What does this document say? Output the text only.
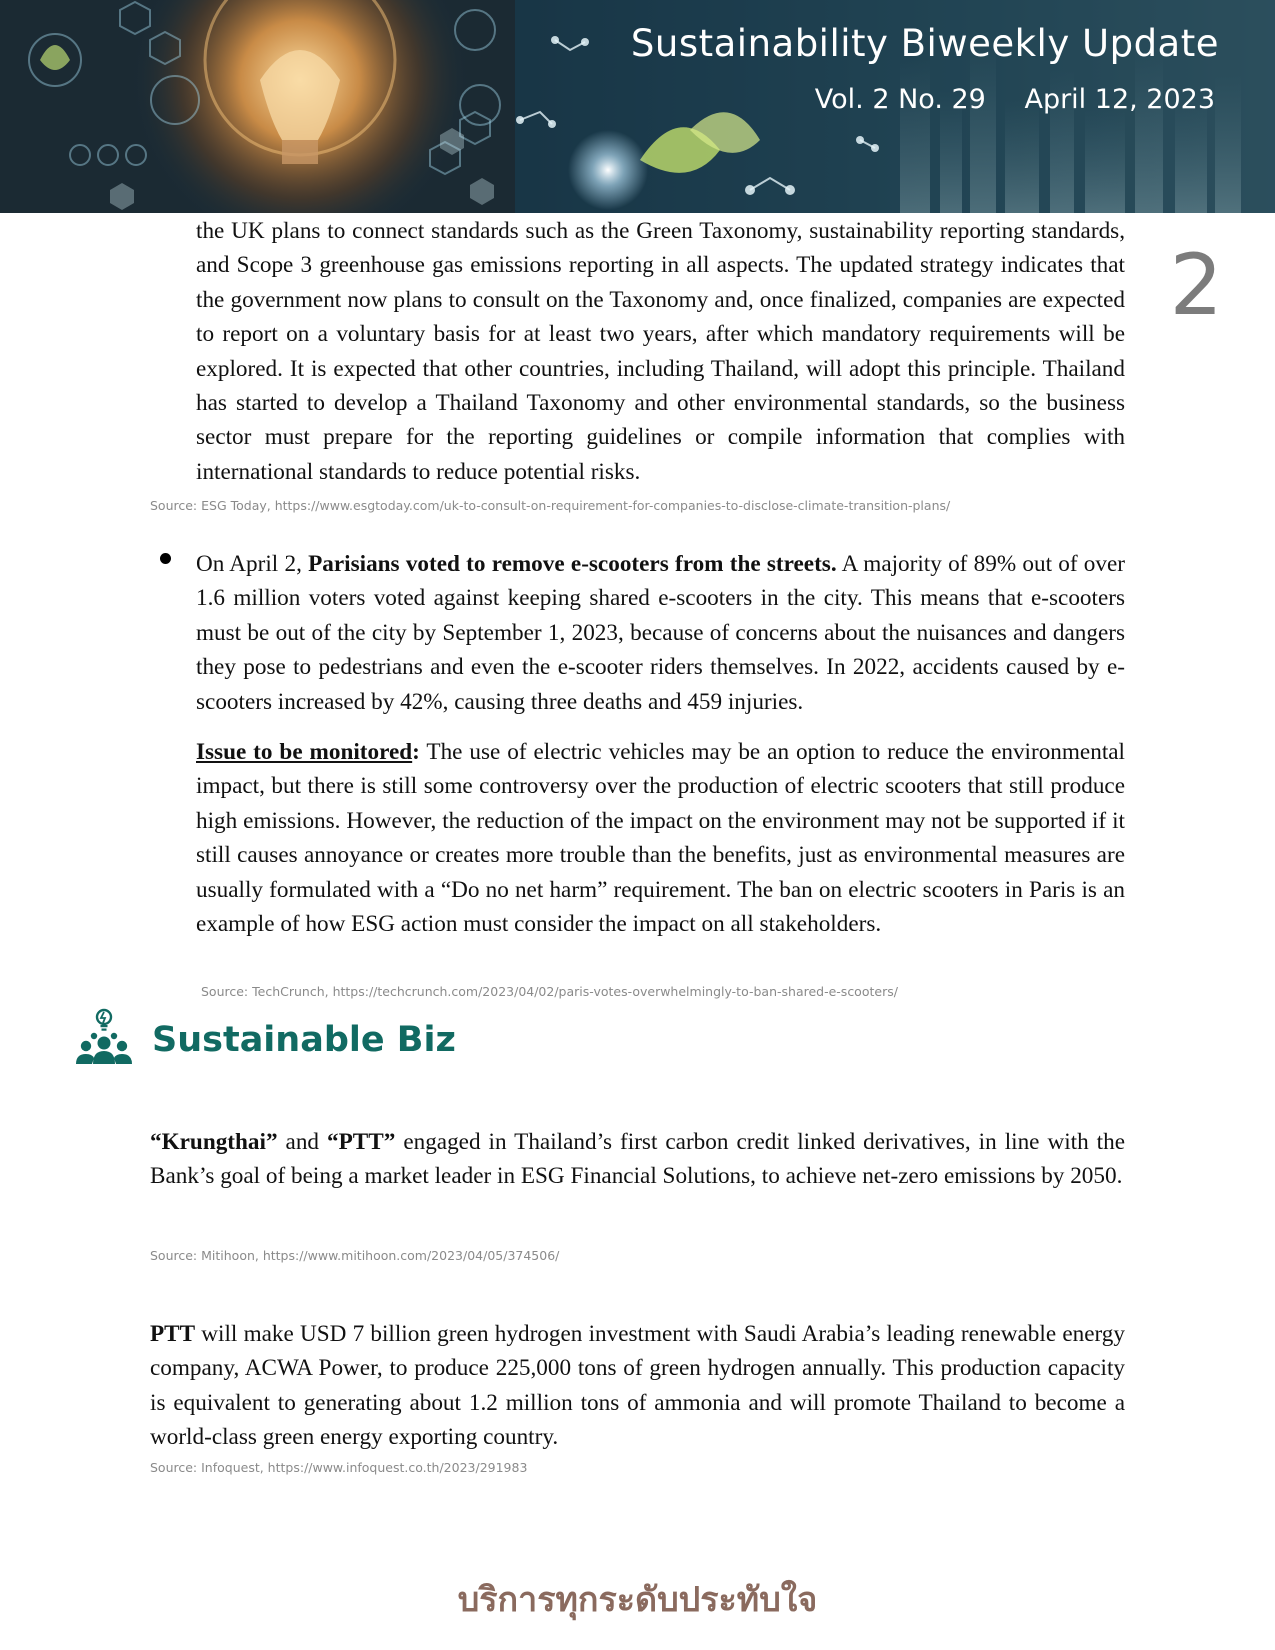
Sustainability Biweekly Update
Vol. 2 No. 29 April 12, 2023
2

the UK plans to connect standards such as the Green Taxonomy, sustainability reporting standards, and Scope 3 greenhouse gas emissions reporting in all aspects. The updated strategy indicates that the government now plans to consult on the Taxonomy and, once finalized, companies are expected to report on a voluntary basis for at least two years, after which mandatory requirements will be explored. It is expected that other countries, including Thailand, will adopt this principle. Thailand has started to develop a Thailand Taxonomy and other environmental standards, so the business sector must prepare for the reporting guidelines or compile information that complies with international standards to reduce potential risks.

Source: ESG Today, https://www.esgtoday.com/uk-to-consult-on-requirement-for-companies-to-disclose-climate-transition-plans/

On April 2, Parisians voted to remove e-scooters from the streets. A majority of 89% out of over 1.6 million voters voted against keeping shared e-scooters in the city. This means that e-scooters must be out of the city by September 1, 2023, because of concerns about the nuisances and dangers they pose to pedestrians and even the e-scooter riders themselves. In 2022, accidents caused by e-scooters increased by 42%, causing three deaths and 459 injuries.

Issue to be monitored: The use of electric vehicles may be an option to reduce the environmental impact, but there is still some controversy over the production of electric scooters that still produce high emissions. However, the reduction of the impact on the environment may not be supported if it still causes annoyance or creates more trouble than the benefits, just as environmental measures are usually formulated with a “Do no net harm” requirement. The ban on electric scooters in Paris is an example of how ESG action must consider the impact on all stakeholders.

Source: TechCrunch, https://techcrunch.com/2023/04/02/paris-votes-overwhelmingly-to-ban-shared-e-scooters/

Sustainable Biz

“Krungthai” and “PTT” engaged in Thailand’s first carbon credit linked derivatives, in line with the Bank’s goal of being a market leader in ESG Financial Solutions, to achieve net-zero emissions by 2050.

Source: Mitihoon, https://www.mitihoon.com/2023/04/05/374506/

PTT will make USD 7 billion green hydrogen investment with Saudi Arabia’s leading renewable energy company, ACWA Power, to produce 225,000 tons of green hydrogen annually. This production capacity is equivalent to generating about 1.2 million tons of ammonia and will promote Thailand to become a world-class green energy exporting country.

Source: Infoquest, https://www.infoquest.co.th/2023/291983

บริการทุกระดับประทับใจ
